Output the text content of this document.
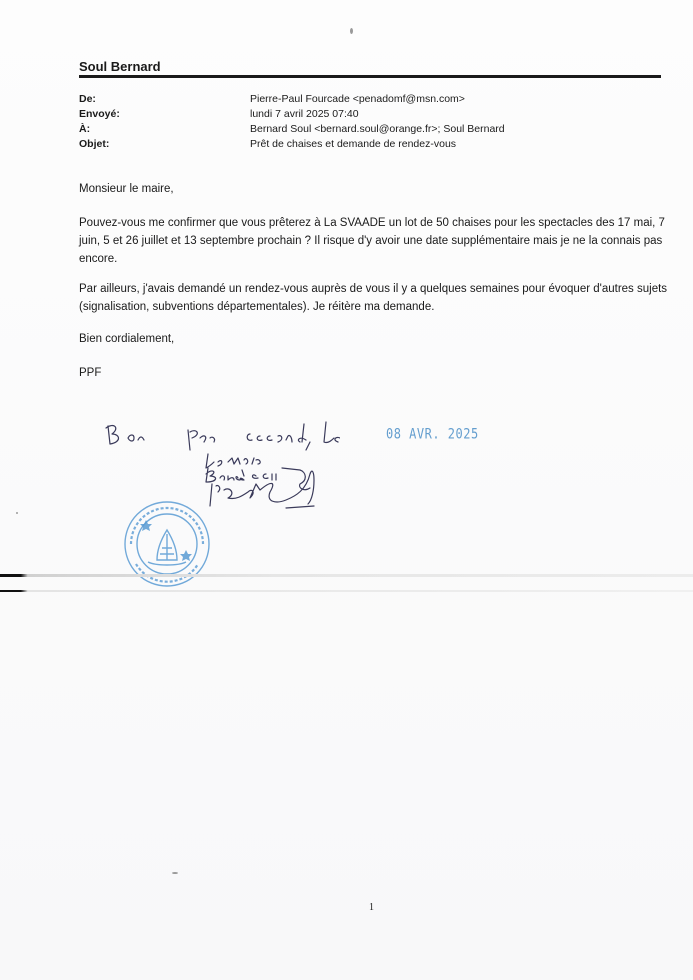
Soul Bernard
De:	Pierre-Paul Fourcade <penadomf@msn.com>
Envoyé:	lundi 7 avril 2025 07:40
À:	Bernard Soul <bernard.soul@orange.fr>; Soul Bernard
Objet:	Prêt de chaises et demande de rendez-vous
Monsieur le maire,
Pouvez-vous me confirmer que vous prêterez à La SVAADE un lot de 50 chaises pour les spectacles des 17 mai, 7 juin, 5 et 26 juillet et 13 septembre prochain ? Il risque d'y avoir une date supplémentaire mais je ne la connais pas encore.
Par ailleurs, j'avais demandé un rendez-vous auprès de vous il y a quelques semaines pour évoquer d'autres sujets (signalisation, subventions départementales). Je réitère ma demande.
Bien cordialement,
PPF
08 AVR. 2025
1
